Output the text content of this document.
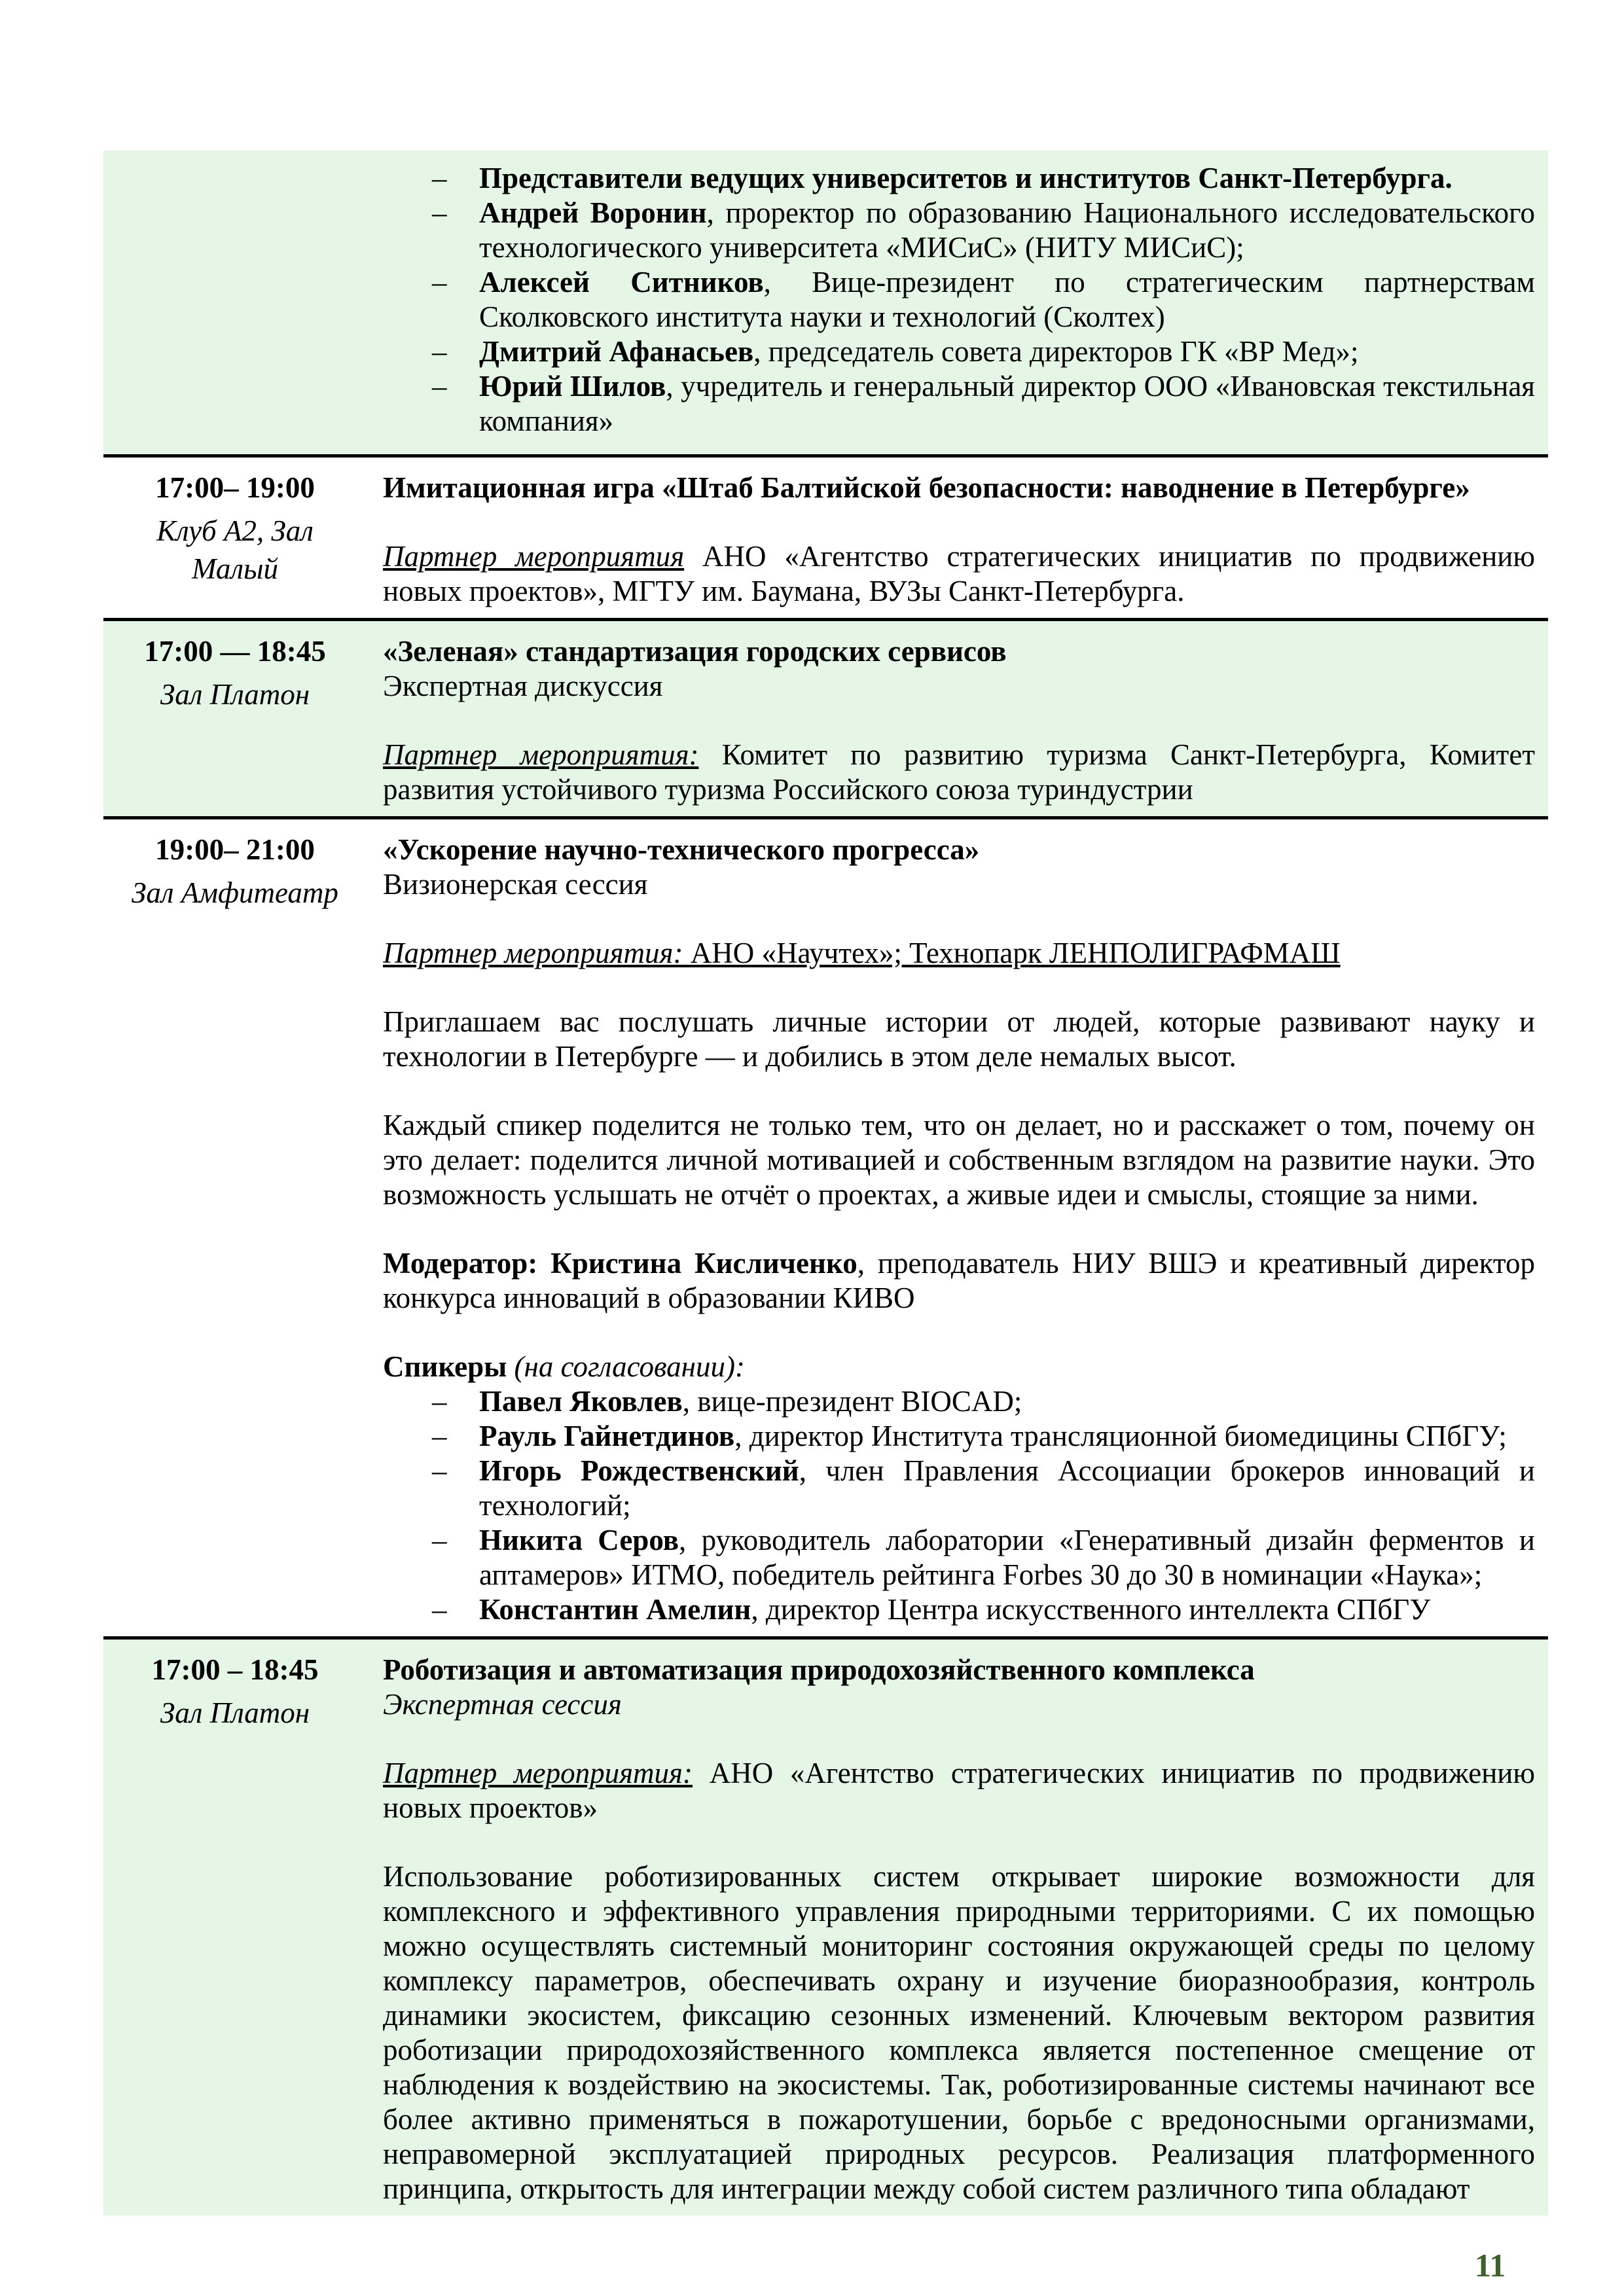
– Представители ведущих университетов и институтов Санкт-Петербурга.
– Андрей Воронин, проректор по образованию Национального исследовательского технологического университета «МИСиС» (НИТУ МИСиС);
– Алексей Ситников, Вице-президент по стратегическим партнерствам Сколковского института науки и технологий (Сколтех)
– Дмитрий Афанасьев, председатель совета директоров ГК «ВР Мед»;
– Юрий Шилов, учредитель и генеральный директор ООО «Ивановская текстильная компания»
17:00– 19:00
Клуб А2, Зал Малый

Имитационная игра «Штаб Балтийской безопасности: наводнение в Петербурге»

Партнер мероприятия АНО «Агентство стратегических инициатив по продвижению новых проектов», МГТУ им. Баумана, ВУЗы Санкт-Петербурга.

17:00 — 18:45
Зал Платон

«Зеленая» стандартизация городских сервисов

Экспертная дискуссия

Партнер мероприятия: Комитет по развитию туризма Санкт-Петербурга, Комитет развития устойчивого туризма Российского союза туриндустрии

19:00– 21:00
Зал Амфитеатр

«Ускорение научно-технического прогресса»

Визионерская сессия

Партнер мероприятия: АНО «Научтех»; Технопарк ЛЕНПОЛИГРАФМАШ

Приглашаем вас послушать личные истории от людей, которые развивают науку и технологии в Петербурге — и добились в этом деле немалых высот.

Каждый спикер поделится не только тем, что он делает, но и расскажет о том, почему он это делает: поделится личной мотивацией и собственным взглядом на развитие науки. Это возможность услышать не отчёт о проектах, а живые идеи и смыслы, стоящие за ними.

Модератор: Кристина Кисличенко, преподаватель НИУ ВШЭ и креативный директор конкурса инноваций в образовании КИВО

Спикеры (на согласовании):

– Павел Яковлев, вице-президент BIOCAD;
– Рауль Гайнетдинов, директор Института трансляционной биомедицины СПбГУ;
– Игорь Рождественский, член Правления Ассоциации брокеров инноваций и технологий;
– Никита Серов, руководитель лаборатории «Генеративный дизайн ферментов и аптамеров» ИТМО, победитель рейтинга Forbes 30 до 30 в номинации «Наука»;
– Константин Амелин, директор Центра искусственного интеллекта СПбГУ
17:00 – 18:45
Зал Платон

Роботизация и автоматизация природохозяйственного комплекса

Экспертная сессия

Партнер мероприятия: АНО «Агентство стратегических инициатив по продвижению новых проектов»

Использование роботизированных систем открывает широкие возможности для комплексного и эффективного управления природными территориями. С их помощью можно осуществлять системный мониторинг состояния окружающей среды по целому комплексу параметров, обеспечивать охрану и изучение биоразнообразия, контроль динамики экосистем, фиксацию сезонных изменений. Ключевым вектором развития роботизации природохозяйственного комплекса является постепенное смещение от наблюдения к воздействию на экосистемы. Так, роботизированные системы начинают все более активно применяться в пожаротушении, борьбе с вредоносными организмами, неправомерной эксплуатацией природных ресурсов. Реализация платформенного принципа, открытость для интеграции между собой систем различного типа обладают

11
